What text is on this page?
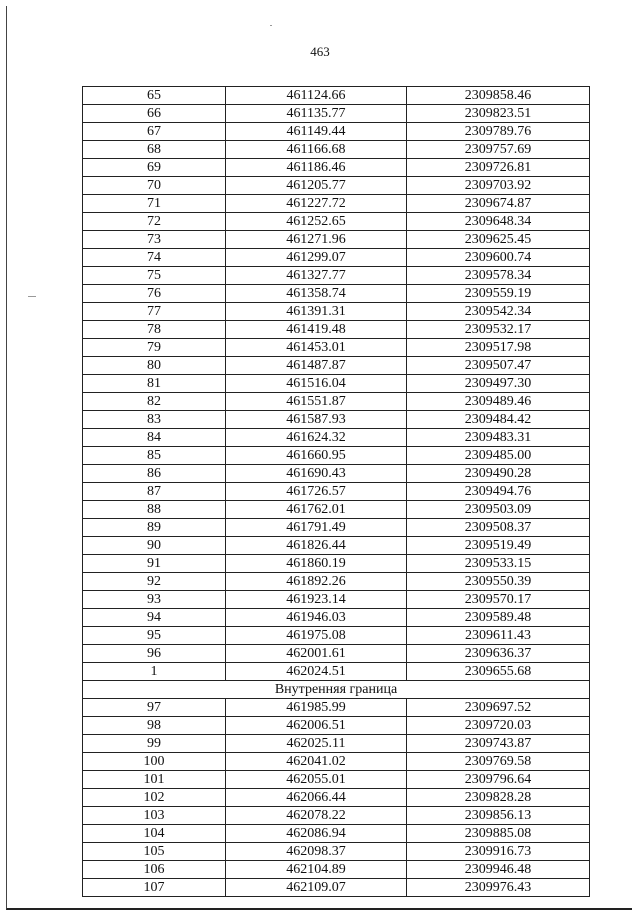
463
65	461124.66	2309858.46
66	461135.77	2309823.51
67	461149.44	2309789.76
68	461166.68	2309757.69
69	461186.46	2309726.81
70	461205.77	2309703.92
71	461227.72	2309674.87
72	461252.65	2309648.34
73	461271.96	2309625.45
74	461299.07	2309600.74
75	461327.77	2309578.34
76	461358.74	2309559.19
77	461391.31	2309542.34
78	461419.48	2309532.17
79	461453.01	2309517.98
80	461487.87	2309507.47
81	461516.04	2309497.30
82	461551.87	2309489.46
83	461587.93	2309484.42
84	461624.32	2309483.31
85	461660.95	2309485.00
86	461690.43	2309490.28
87	461726.57	2309494.76
88	461762.01	2309503.09
89	461791.49	2309508.37
90	461826.44	2309519.49
91	461860.19	2309533.15
92	461892.26	2309550.39
93	461923.14	2309570.17
94	461946.03	2309589.48
95	461975.08	2309611.43
96	462001.61	2309636.37
1	462024.51	2309655.68
Внутренняя граница		
97	461985.99	2309697.52
98	462006.51	2309720.03
99	462025.11	2309743.87
100	462041.02	2309769.58
101	462055.01	2309796.64
102	462066.44	2309828.28
103	462078.22	2309856.13
104	462086.94	2309885.08
105	462098.37	2309916.73
106	462104.89	2309946.48
107	462109.07	2309976.43
